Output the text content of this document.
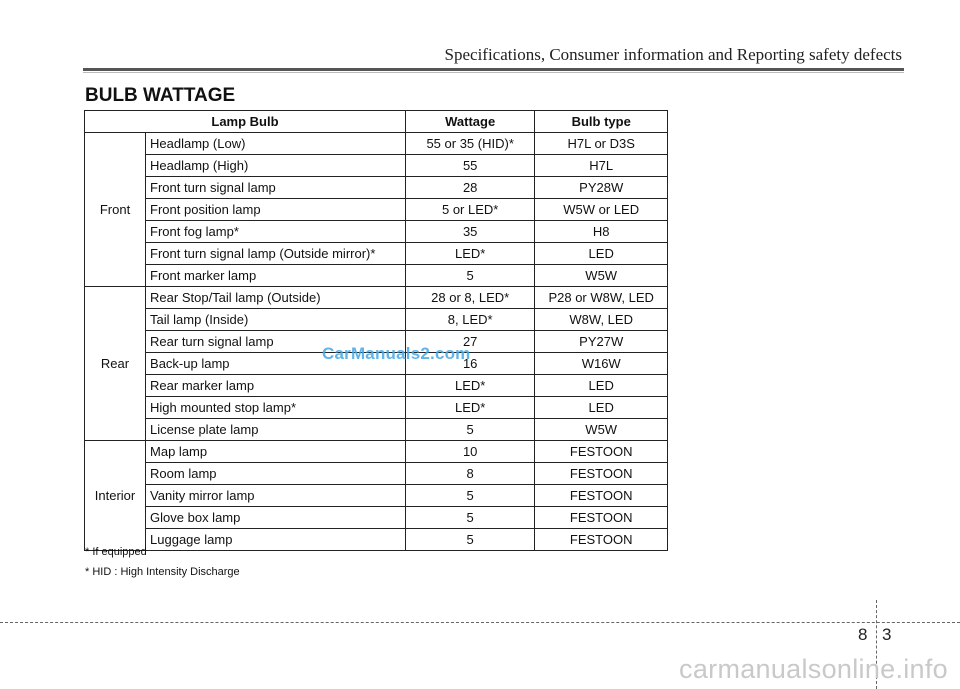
Specifications, Consumer information and Reporting safety defects
BULB WATTAGE
Lamp Bulb		Wattage	Bulb type
Front	Headlamp (Low)	55 or 35 (HID)*	H7L or D3S
	Headlamp (High)	55	H7L
	Front turn signal lamp	28	PY28W
	Front position lamp	5 or LED*	W5W or LED
	Front fog lamp*	35	H8
	Front turn signal lamp (Outside mirror)*	LED*	LED
	Front marker lamp	5	W5W
Rear	Rear Stop/Tail lamp (Outside)	28 or 8, LED*	P28 or W8W, LED
	Tail lamp (Inside)	8, LED*	W8W, LED
	Rear turn signal lamp	27	PY27W
	Back-up lamp	16	W16W
	Rear marker lamp	LED*	LED
	High mounted stop lamp*	LED*	LED
	License plate lamp	5	W5W
Interior	Map lamp	10	FESTOON
	Room lamp	8	FESTOON
	Vanity mirror lamp	5	FESTOON
	Glove box lamp	5	FESTOON
	Luggage lamp	5	FESTOON
CarManuals2.com
* If equipped
* HID : High Intensity Discharge
8 3
carmanualsonline.info
